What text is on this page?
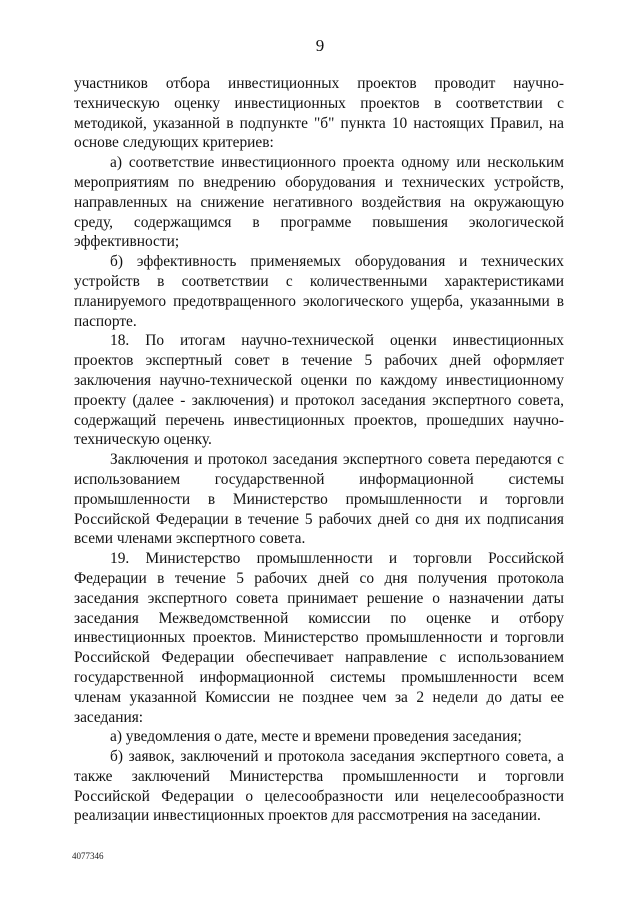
9

участников отбора инвестиционных проектов проводит научно-техническую оценку инвестиционных проектов в соответствии с методикой, указанной в подпункте "б" пункта 10 настоящих Правил, на основе следующих критериев:

а) соответствие инвестиционного проекта одному или нескольким мероприятиям по внедрению оборудования и технических устройств, направленных на снижение негативного воздействия на окружающую среду, содержащимся в программе повышения экологической эффективности;

б) эффективность применяемых оборудования и технических устройств в соответствии с количественными характеристиками планируемого предотвращенного экологического ущерба, указанными в паспорте.

18. По итогам научно-технической оценки инвестиционных проектов экспертный совет в течение 5 рабочих дней оформляет заключения научно-технической оценки по каждому инвестиционному проекту (далее - заключения) и протокол заседания экспертного совета, содержащий перечень инвестиционных проектов, прошедших научно-техническую оценку.

Заключения и протокол заседания экспертного совета передаются с использованием государственной информационной системы промышленности в Министерство промышленности и торговли Российской Федерации в течение 5 рабочих дней со дня их подписания всеми членами экспертного совета.

19. Министерство промышленности и торговли Российской Федерации в течение 5 рабочих дней со дня получения протокола заседания экспертного совета принимает решение о назначении даты заседания Межведомственной комиссии по оценке и отбору инвестиционных проектов. Министерство промышленности и торговли Российской Федерации обеспечивает направление с использованием государственной информационной системы промышленности всем членам указанной Комиссии не позднее чем за 2 недели до даты ее заседания:

а) уведомления о дате, месте и времени проведения заседания;

б) заявок, заключений и протокола заседания экспертного совета, а также заключений Министерства промышленности и торговли Российской Федерации о целесообразности или нецелесообразности реализации инвестиционных проектов для рассмотрения на заседании.

4077346
